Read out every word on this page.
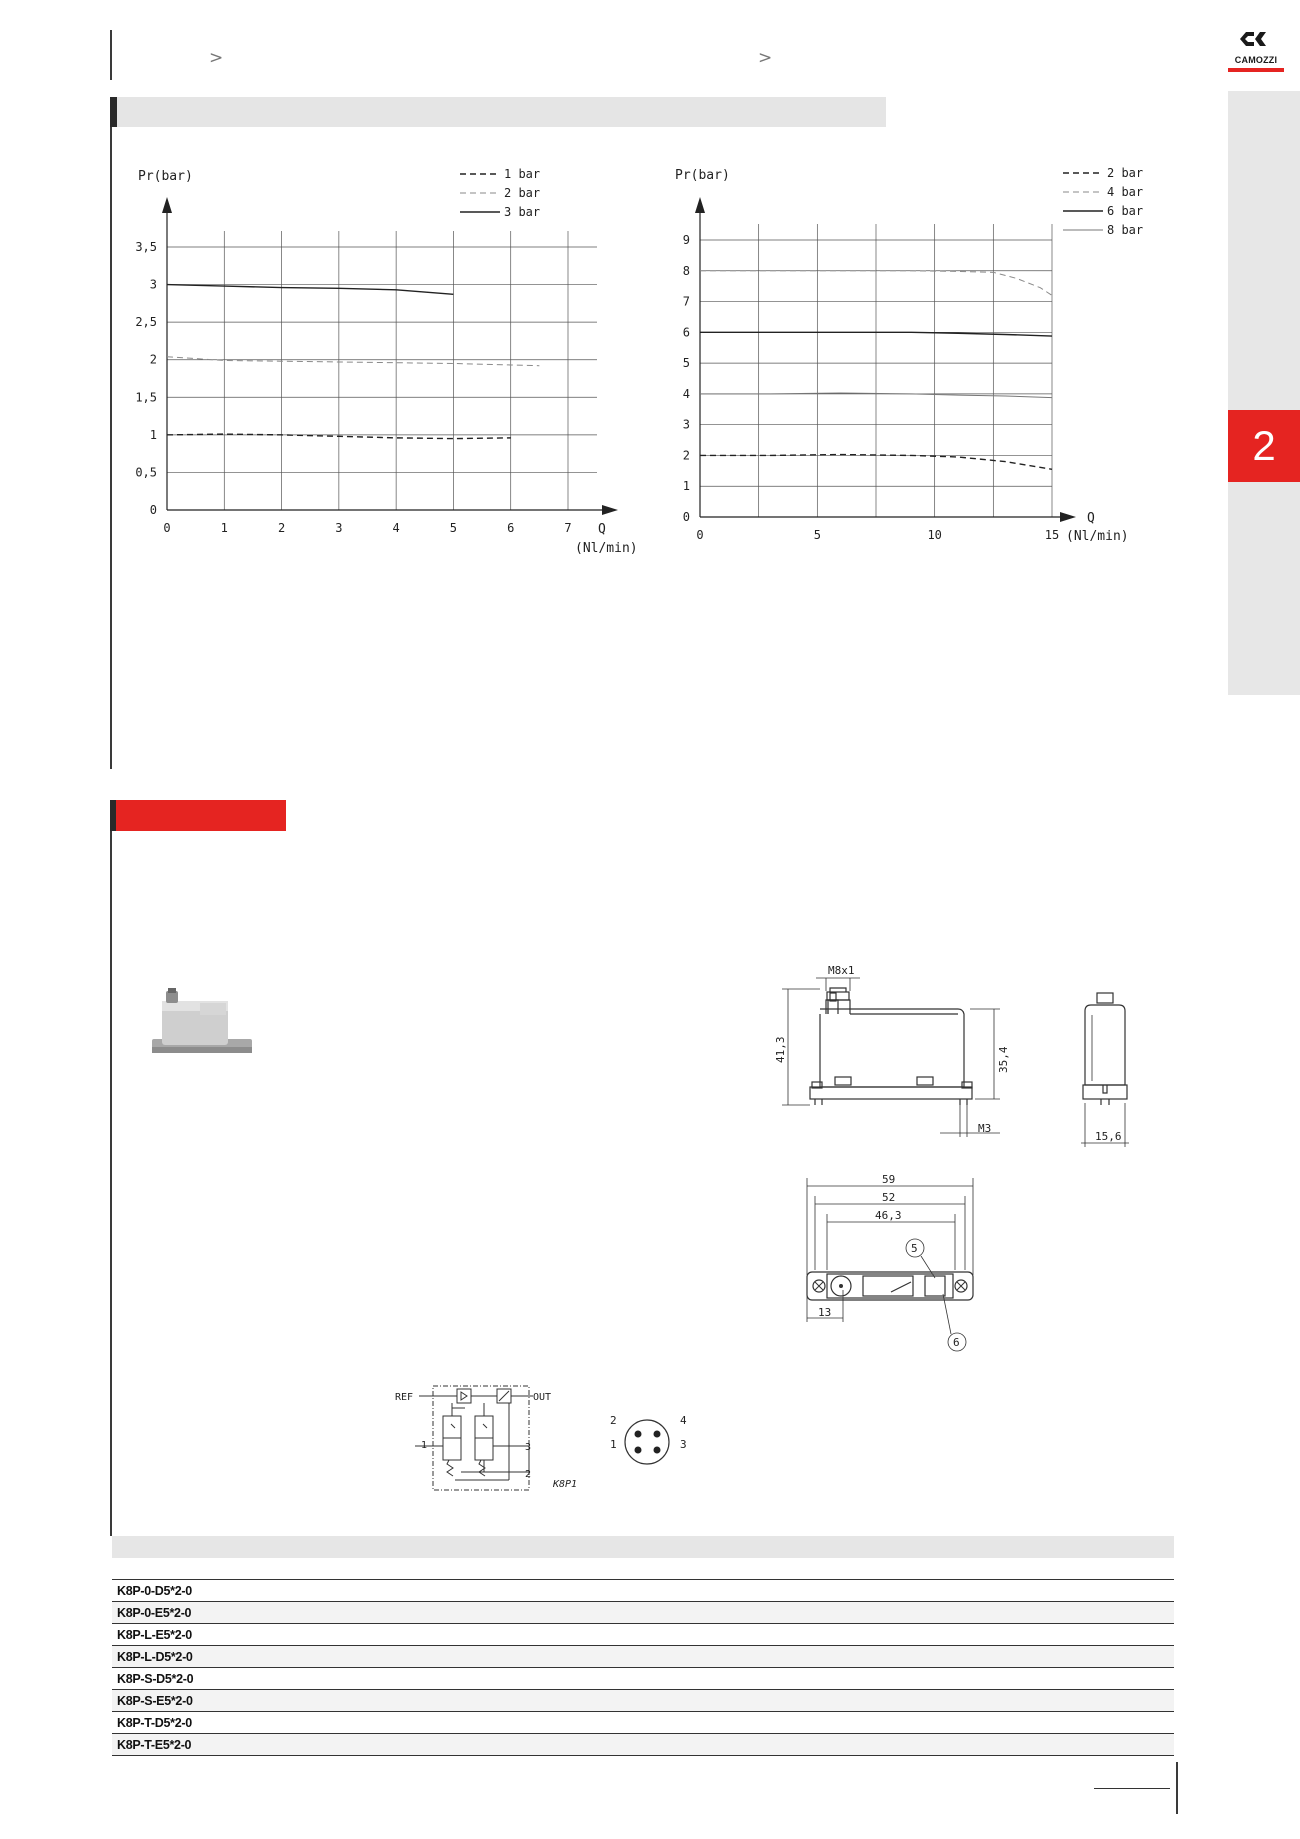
>	>	CAMOZZI
2
Pr(bar)
Q
(Nl/min)
0
0,5
1
1,5
2
2,5
3
3,5
0	1	2	3	4	5	6	7
1 bar
2 bar
3 bar
Pr(bar)
Q
(Nl/min)
0
1
2
3
4
5
6
7
8
9
0	5	10	15
2 bar
4 bar
6 bar
8 bar
M8x1
41,3	35,4
M3
15,6
59
52
46,3
13
5
6
REF	OUT
1	3
2
K8P1
2	4
1	3
K8P-0-D5*2-0
K8P-0-E5*2-0
K8P-L-E5*2-0
K8P-L-D5*2-0
K8P-S-D5*2-0
K8P-S-E5*2-0
K8P-T-D5*2-0
K8P-T-E5*2-0
